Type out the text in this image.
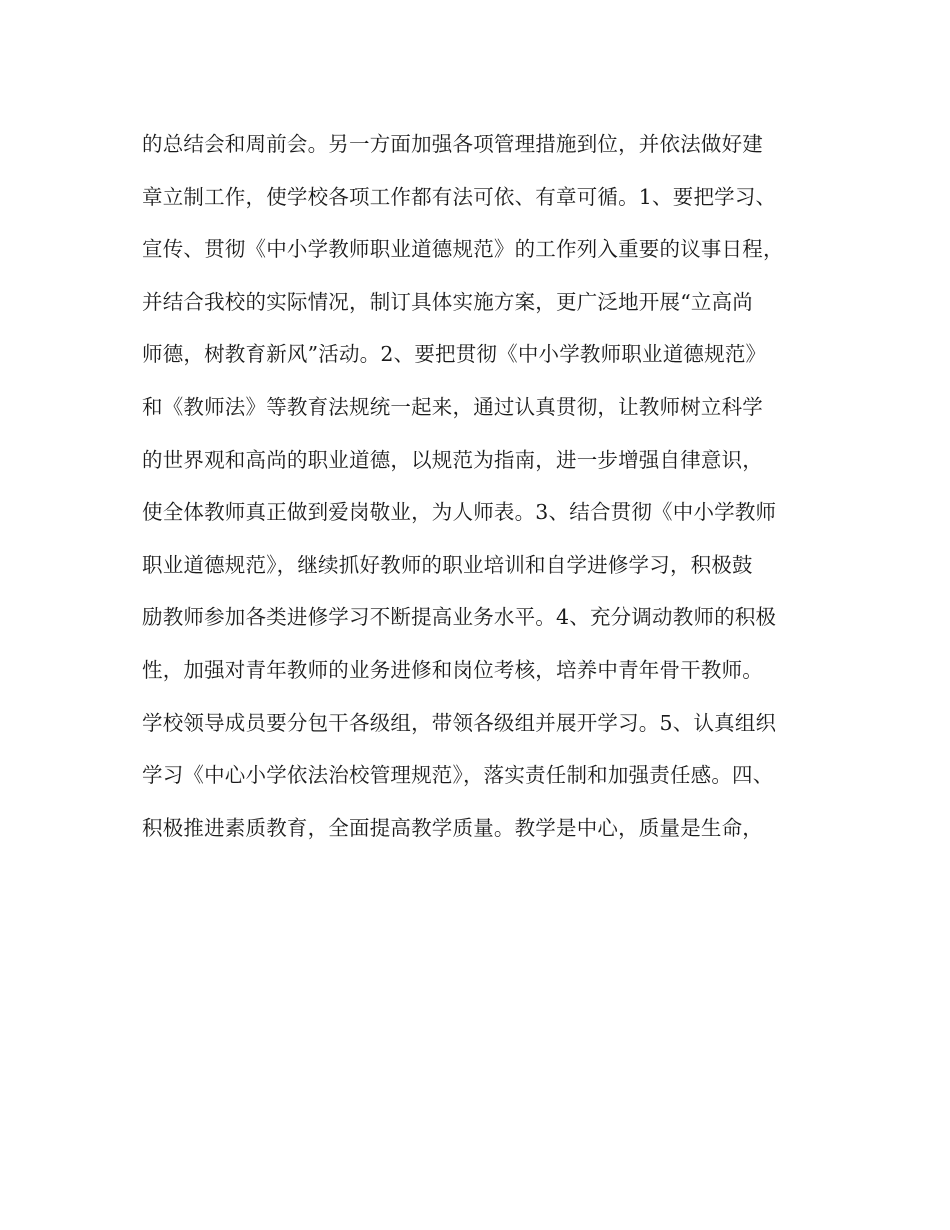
的总结会和周前会。另一方面加强各项管理措施到位，并依法做好建
章立制工作，使学校各项工作都有法可依、有章可循。1、要把学习、
宣传、贯彻《中小学教师职业道德规范》的工作列入重要的议事日程，
并结合我校的实际情况，制订具体实施方案，更广泛地开展“立高尚
师德，树教育新风”活动。2、要把贯彻《中小学教师职业道德规范》
和《教师法》等教育法规统一起来，通过认真贯彻，让教师树立科学
的世界观和高尚的职业道德，以规范为指南，进一步增强自律意识，
使全体教师真正做到爱岗敬业，为人师表。3、结合贯彻《中小学教师
职业道德规范》，继续抓好教师的职业培训和自学进修学习，积极鼓
励教师参加各类进修学习不断提高业务水平。4、充分调动教师的积极
性，加强对青年教师的业务进修和岗位考核，培养中青年骨干教师。
学校领导成员要分包干各级组，带领各级组并展开学习。5、认真组织
学习《中心小学依法治校管理规范》，落实责任制和加强责任感。四、
积极推进素质教育，全面提高教学质量。教学是中心，质量是生命，
